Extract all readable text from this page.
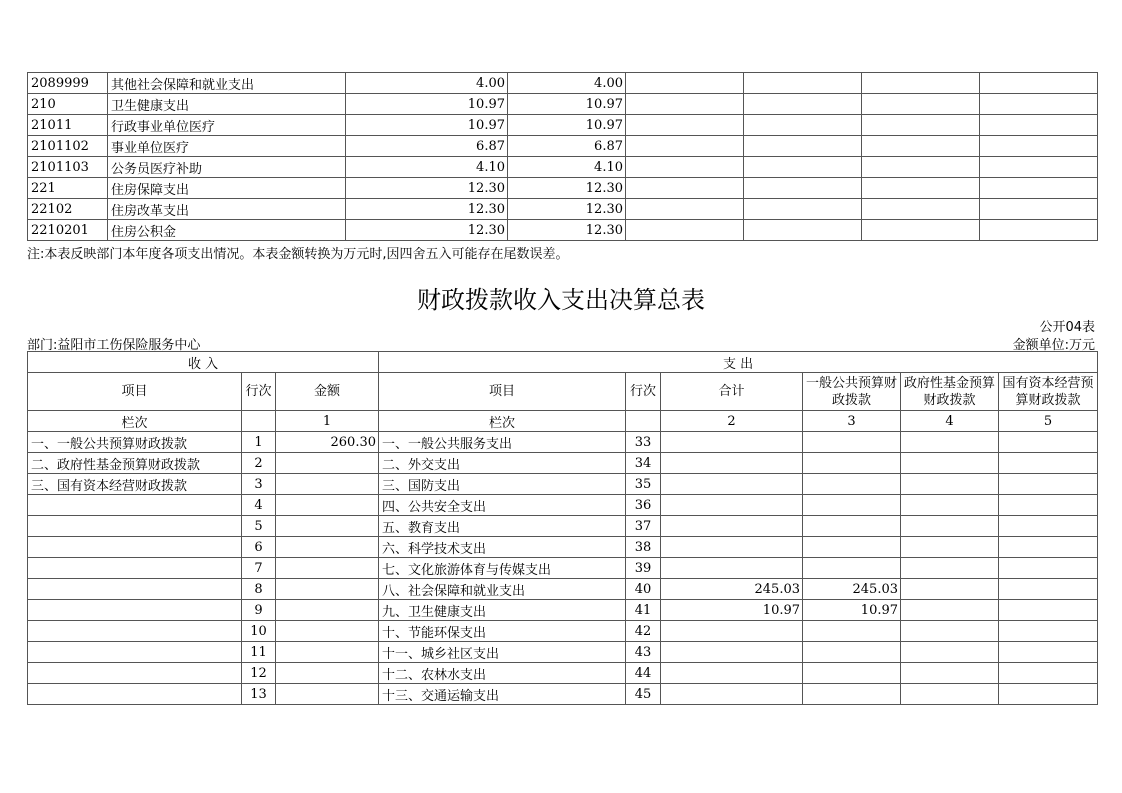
2089999	其他社会保障和就业支出	4.00	4.00				
210	卫生健康支出	10.97	10.97				
21011	行政事业单位医疗	10.97	10.97				
2101102	事业单位医疗	6.87	6.87				
2101103	公务员医疗补助	4.10	4.10				
221	住房保障支出	12.30	12.30				
22102	住房改革支出	12.30	12.30				
2210201	住房公积金	12.30	12.30				
注:本表反映部门本年度各项支出情况。本表金额转换为万元时,因四舍五入可能存在尾数误差。
财政拨款收入支出决算总表
公开04表
部门:益阳市工伤保险服务中心	金额单位:万元
收 入			支 出					
项目	行次	金额	项目	行次	合计	一般公共预算财政拨款	政府性基金预算财政拨款	国有资本经营预算财政拨款
栏次		1	栏次		2	3	4	5
一、一般公共预算财政拨款	1	260.30	一、一般公共服务支出	33				
二、政府性基金预算财政拨款	2		二、外交支出	34				
三、国有资本经营财政拨款	3		三、国防支出	35				
	4		四、公共安全支出	36				
	5		五、教育支出	37				
	6		六、科学技术支出	38				
	7		七、文化旅游体育与传媒支出	39				
	8		八、社会保障和就业支出	40	245.03	245.03		
	9		九、卫生健康支出	41	10.97	10.97		
	10		十、节能环保支出	42				
	11		十一、城乡社区支出	43				
	12		十二、农林水支出	44				
	13		十三、交通运输支出	45				
